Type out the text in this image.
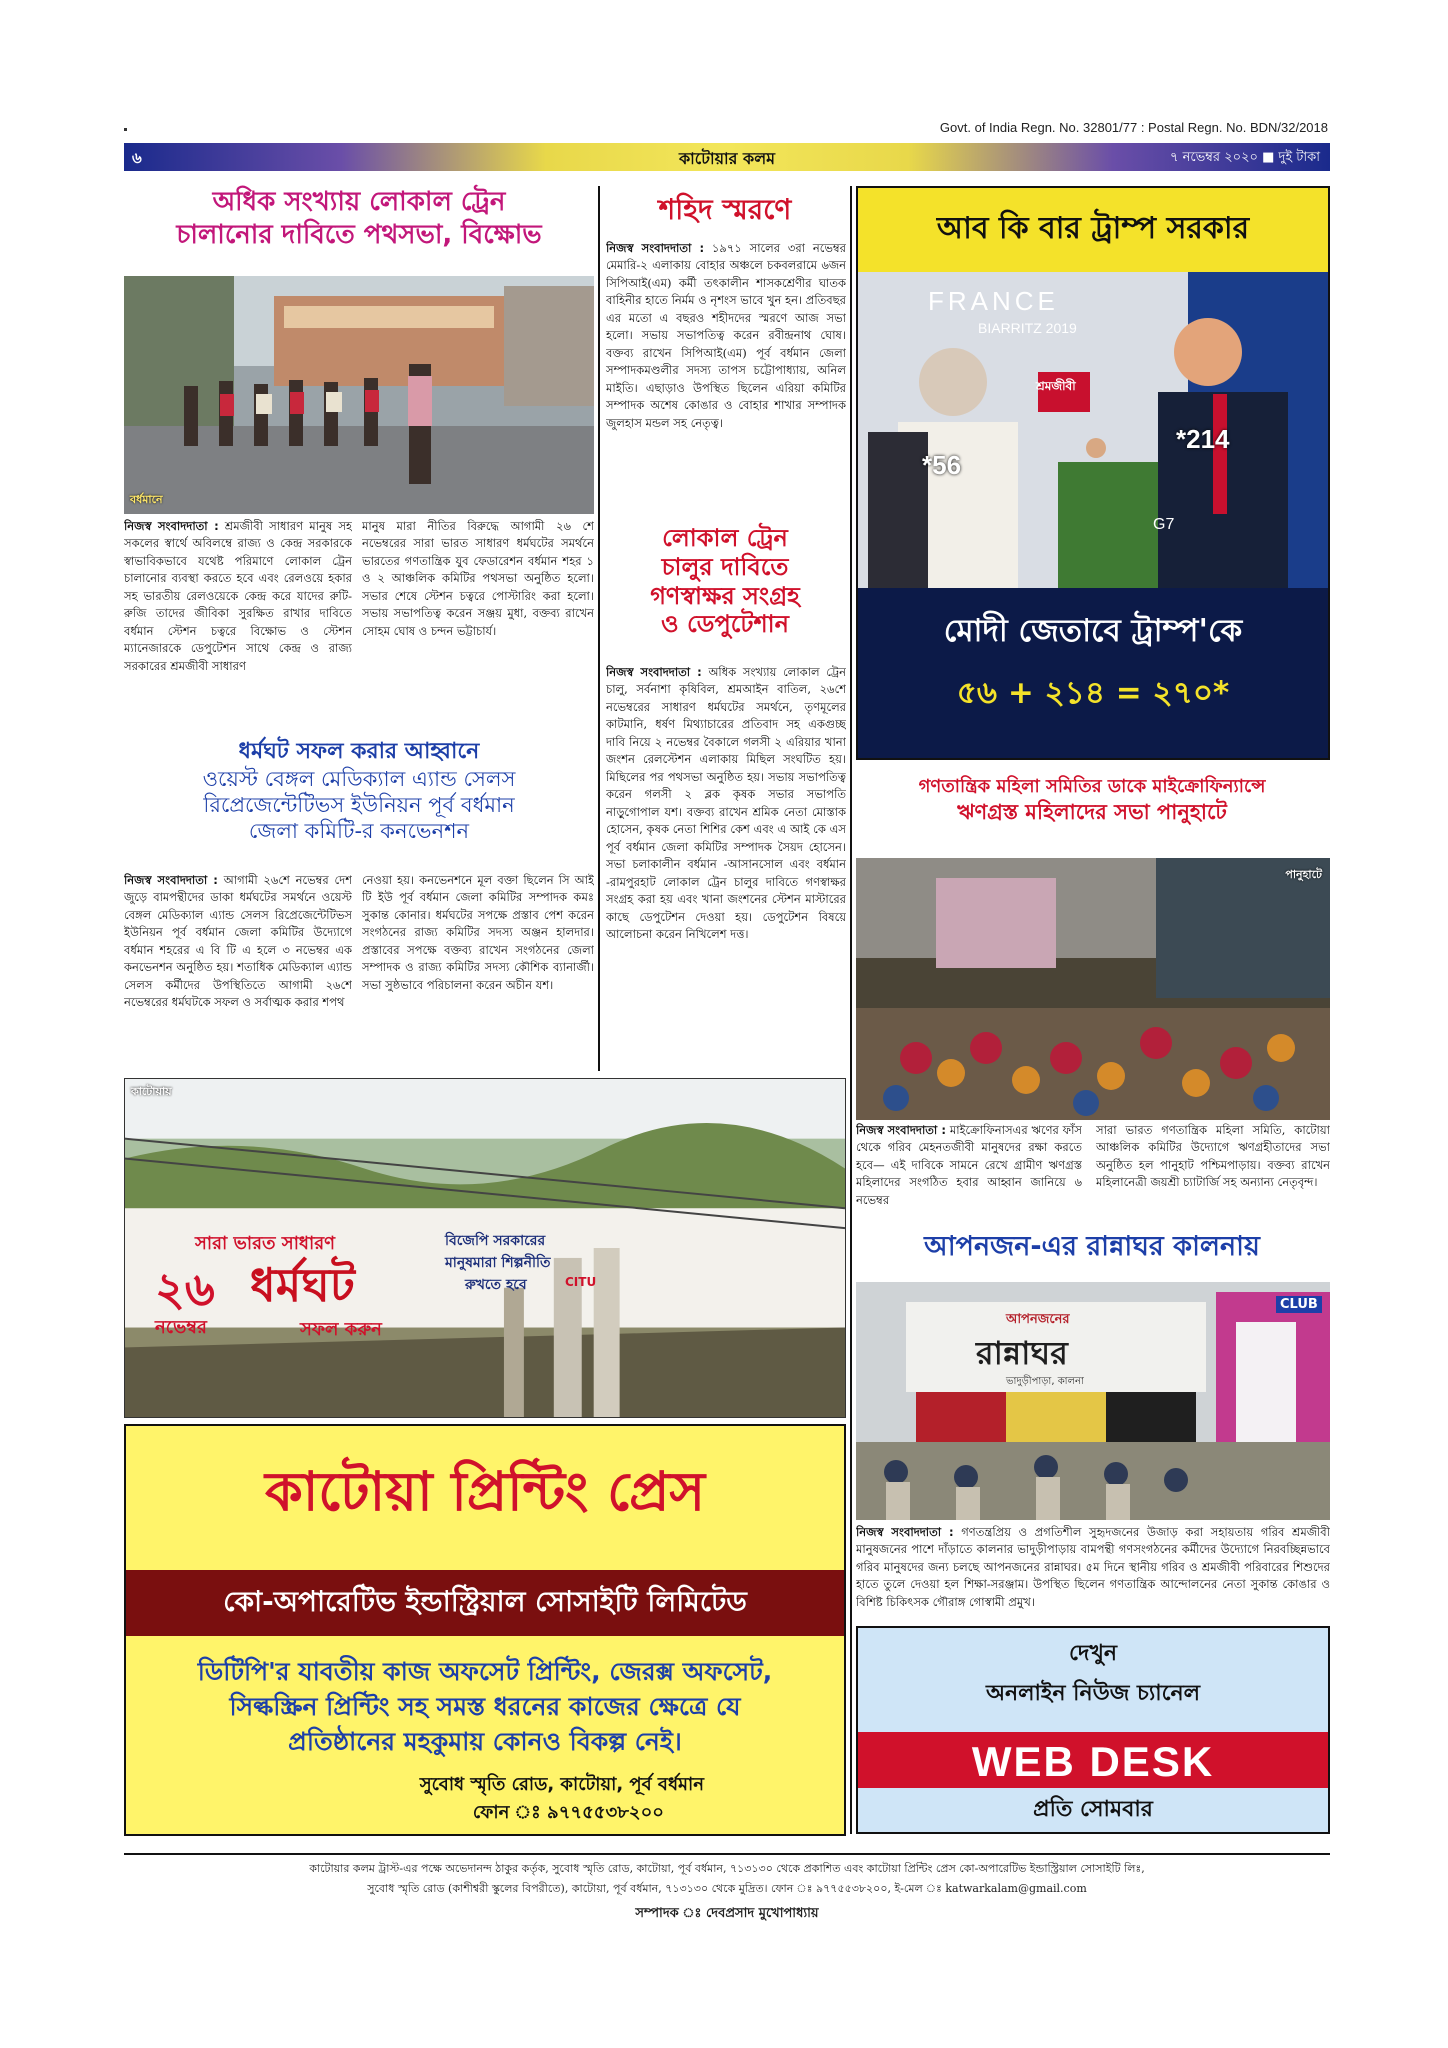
Govt. of India Regn. No. 32801/77 : Postal Regn. No. BDN/32/2018
৬	কাটোয়ার কলম	৭ নভেম্বর ২০২০ ■ দুই টাকা
অধিক সংখ্যায় লোকাল ট্রেন
চালানোর দাবিতে পথসভা, বিক্ষোভ
বর্ধমানে
নিজস্ব সংবাদদাতা : শ্রমজীবী সাধারণ মানুষ সহ সকলের স্বার্থে অবিলম্বে রাজ্য ও কেন্দ্র সরকারকে স্বাভাবিকভাবে যথেষ্ট পরিমাণে লোকাল ট্রেন চালানোর ব্যবস্থা করতে হবে এবং রেলওয়ে হকার সহ ভারতীয় রেলওয়েকে কেন্দ্র করে যাদের রুটি-রুজি তাদের জীবিকা সুরক্ষিত রাখার দাবিতে বর্ধমান স্টেশন চত্বরে বিক্ষোভ ও স্টেশন ম্যানেজারকে ডেপুটেশন সাথে কেন্দ্র ও রাজ্য সরকারের শ্রমজীবী সাধারণ
মানুষ মারা নীতির বিরুদ্ধে আগামী ২৬ শে নভেম্বরের সারা ভারত সাধারণ ধর্মঘটের সমর্থনে ভারতের গণতান্ত্রিক যুব ফেডারেশন বর্ধমান শহর ১ ও ২ আঞ্চলিক কমিটির পথসভা অনুষ্ঠিত হলো। সভার শেষে স্টেশন চত্বরে পোস্টারিং করা হলো। সভায় সভাপতিত্ব করেন সঞ্জয় মুধা, বক্তব্য রাখেন সোহম ঘোষ ও চন্দন ভট্টাচার্য।
ধর্মঘট সফল করার আহ্বানে
ওয়েস্ট বেঙ্গল মেডিক্যাল এ্যান্ড সেলস
রিপ্রেজেন্টেটিভস ইউনিয়ন পূর্ব বর্ধমান
জেলা কমিটি-র কনভেনশন
নিজস্ব সংবাদদাতা : আগামী ২৬শে নভেম্বর দেশ জুড়ে বামপন্থীদের ডাকা ধর্মঘটের সমর্থনে ওয়েস্ট বেঙ্গল মেডিক্যাল এ্যান্ড সেলস রিপ্রেজেন্টেটিভস ইউনিয়ন পূর্ব বর্ধমান জেলা কমিটির উদ্যোগে বর্ধমান শহরের এ বি টি এ হলে ৩ নভেম্বর এক কনভেনশন অনুষ্ঠিত হয়। শতাধিক মেডিক্যাল এ্যান্ড সেলস কর্মীদের উপস্থিতিতে আগামী ২৬শে নভেম্বরের ধর্মঘটকে সফল ও সর্বাত্মক করার শপথ
নেওয়া হয়। কনভেনশনে মূল বক্তা ছিলেন সি আই টি ইউ পূর্ব বর্ধমান জেলা কমিটির সম্পাদক কমঃ সুকান্ত কোনার। ধর্মঘটের সপক্ষে প্রস্তাব পেশ করেন সংগঠনের রাজ্য কমিটির সদস্য অঞ্জন হালদার। প্রস্তাবের সপক্ষে বক্তব্য রাখেন সংগঠনের জেলা সম্পাদক ও রাজ্য কমিটির সদস্য কৌশিক ব্যানার্জী। সভা সুষ্ঠভাবে পরিচালনা করেন অচীন যশ।
শহিদ স্মরণে
নিজস্ব সংবাদদাতা : ১৯৭১ সালের ৩রা নভেম্বর মেমারি-২ এলাকায় বোহার অঞ্চলে চকবলরামে ৬জন সিপিআই(এম) কর্মী তৎকালীন শাসকশ্রেণীর ঘাতক বাহিনীর হাতে নির্মম ও নৃশংস ভাবে খুন হন। প্রতিবছর এর মতো এ বছরও শহীদদের স্মরণে আজ সভা হলো। সভায় সভাপতিত্ব করেন রবীন্দ্রনাথ ঘোষ। বক্তব্য রাখেন সিপিআই(এম) পূর্ব বর্ধমান জেলা সম্পাদকমণ্ডলীর সদস্য তাপস চট্টোপাধ্যায়, অনিল মাইতি। এছাড়াও উপস্থিত ছিলেন এরিয়া কমিটির সম্পাদক অশেষ কোঙার ও বোহার শাখার সম্পাদক জুলহাস মন্ডল সহ নেতৃত্ব।
লোকাল ট্রেন
চালুর দাবিতে
গণস্বাক্ষর সংগ্রহ
ও ডেপুটেশান
নিজস্ব সংবাদদাতা : অধিক সংখ্যায় লোকাল ট্রেন চালু, সর্বনাশা কৃষিবিল, শ্রমআইন বাতিল, ২৬শে নভেম্বরের সাধারণ ধর্মঘটের সমর্থনে, তৃণমূলের কাটমানি, ধর্ষণ মিথ্যাচারের প্রতিবাদ সহ একগুচ্ছ দাবি নিয়ে ২ নভেম্বর বৈকালে গলসী ২ এরিয়ার খানা জংশন রেলস্টেশন এলাকায় মিছিল সংঘটিত হয়। মিছিলের পর পথসভা অনুষ্ঠিত হয়। সভায় সভাপতিত্ব করেন গলসী ২ ব্লক কৃষক সভার সভাপতি নাড়ুগোপাল যশ। বক্তব্য রাখেন শ্রমিক নেতা মোস্তাক হোসেন, কৃষক নেতা শিশির কেশ এবং এ আই কে এস পূর্ব বর্ধমান জেলা কমিটির সম্পাদক সৈয়দ হোসেন। সভা চলাকালীন বর্ধমান -আসানসোল এবং বর্ধমান -রামপুরহাট লোকাল ট্রেন চালুর দাবিতে গণস্বাক্ষর সংগ্রহ করা হয় এবং খানা জংশনের স্টেশন মাস্টারের কাছে ডেপুটেশন দেওয়া হয়। ডেপুটেশন বিষয়ে আলোচনা করেন নিখিলেশ দত্ত।
কাটোয়ায়
সারা ভারত সাধারণ
২৬ ধর্মঘট
নভেম্বর	সফল করুন
বিজেপি সরকারের
মানুষমারা শিল্পনীতি
রুখতে হবে	CITU
আব কি বার ট্রাম্প সরকার
FRANCE
BIARRITZ 2019
G7
শ্রমজীবী
*56
*214
মোদী জেতাবে ট্রাম্প'কে
৫৬ + ২১৪ = ২৭০*
গণতান্ত্রিক মহিলা সমিতির ডাকে মাইক্রোফিন্যান্সে
ঋণগ্রস্ত মহিলাদের সভা পানুহাটে
পানুহাটে
নিজস্ব সংবাদদাতা : মাইক্রোফিনাসএর ঋণের ফাঁস থেকে গরিব মেহনতজীবী মানুষদের রক্ষা করতে হবে— এই দাবিকে সামনে রেখে গ্রামীণ ঋণগ্রস্ত মহিলাদের সংগঠিত হবার আহ্বান জানিয়ে ৬ নভেম্বর
সারা ভারত গণতান্ত্রিক মহিলা সমিতি, কাটোয়া আঞ্চলিক কমিটির উদ্যোগে ঋণগ্রহীতাদের সভা অনুষ্ঠিত হল পানুহাট পশ্চিমপাড়ায়। বক্তব্য রাখেন মহিলানেত্রী জয়শ্রী চ্যাটার্জি সহ অন্যান্য নেতৃবৃন্দ।
আপনজন-এর রান্নাঘর কালনায়
আপনজনের
রান্নাঘর
ভাদুড়ীপাড়া, কালনা
CLUB
নিজস্ব সংবাদদাতা : গণতন্ত্রপ্রিয় ও প্রগতিশীল সুহৃদজনের উজাড় করা সহায়তায় গরিব শ্রমজীবী মানুষজনের পাশে দাঁড়াতে কালনার ভাদুড়ীপাড়ায় বামপন্থী গণসংগঠনের কর্মীদের উদ্যোগে নিরবচ্ছিন্নভাবে গরিব মানুষদের জন্য চলছে আপনজনের রান্নাঘর। ৫ম দিনে স্থানীয় গরিব ও শ্রমজীবী পরিবারের শিশুদের হাতে তুলে দেওয়া হল শিক্ষা-সরঞ্জাম। উপস্থিত ছিলেন গণতান্ত্রিক আন্দোলনের নেতা সুকান্ত কোঙার ও বিশিষ্ট চিকিৎসক গৌরাঙ্গ গোস্বামী প্রমুখ।
কাটোয়া প্রিন্টিং প্রেস
কো-অপারেটিভ ইন্ডাস্ট্রিয়াল সোসাইটি লিমিটেড
ডিটিপি'র যাবতীয় কাজ অফসেট প্রিন্টিং, জেরক্স অফসেট,
সিল্কস্ক্রিন প্রিন্টিং সহ সমস্ত ধরনের কাজের ক্ষেত্রে যে
প্রতিষ্ঠানের মহকুমায় কোনও বিকল্প নেই।
সুবোধ স্মৃতি রোড, কাটোয়া, পূর্ব বর্ধমান
ফোন ঃ ৯৭৭৫৫৩৮২০০
দেখুন
অনলাইন নিউজ চ্যানেল
WEB DESK
প্রতি সোমবার
কাটোয়ার কলম ট্রাস্ট-এর পক্ষে অভেদানন্দ ঠাকুর কর্তৃক, সুবোধ স্মৃতি রোড, কাটোয়া, পূর্ব বর্ধমান, ৭১৩১৩০ থেকে প্রকাশিত এবং কাটোয়া প্রিন্টিং প্রেস কো-অপারেটিভ ইন্ডাস্ট্রিয়াল সোসাইটি লিঃ,
সুবোধ স্মৃতি রোড (কাশীশ্বরী স্কুলের বিপরীতে), কাটোয়া, পূর্ব বর্ধমান, ৭১৩১৩০ থেকে মুদ্রিত। ফোন ঃ ৯৭৭৫৫৩৮২০০, ই-মেল ঃ katwarkalam@gmail.com
সম্পাদক ঃ দেবপ্রসাদ মুখোপাধ্যায়
